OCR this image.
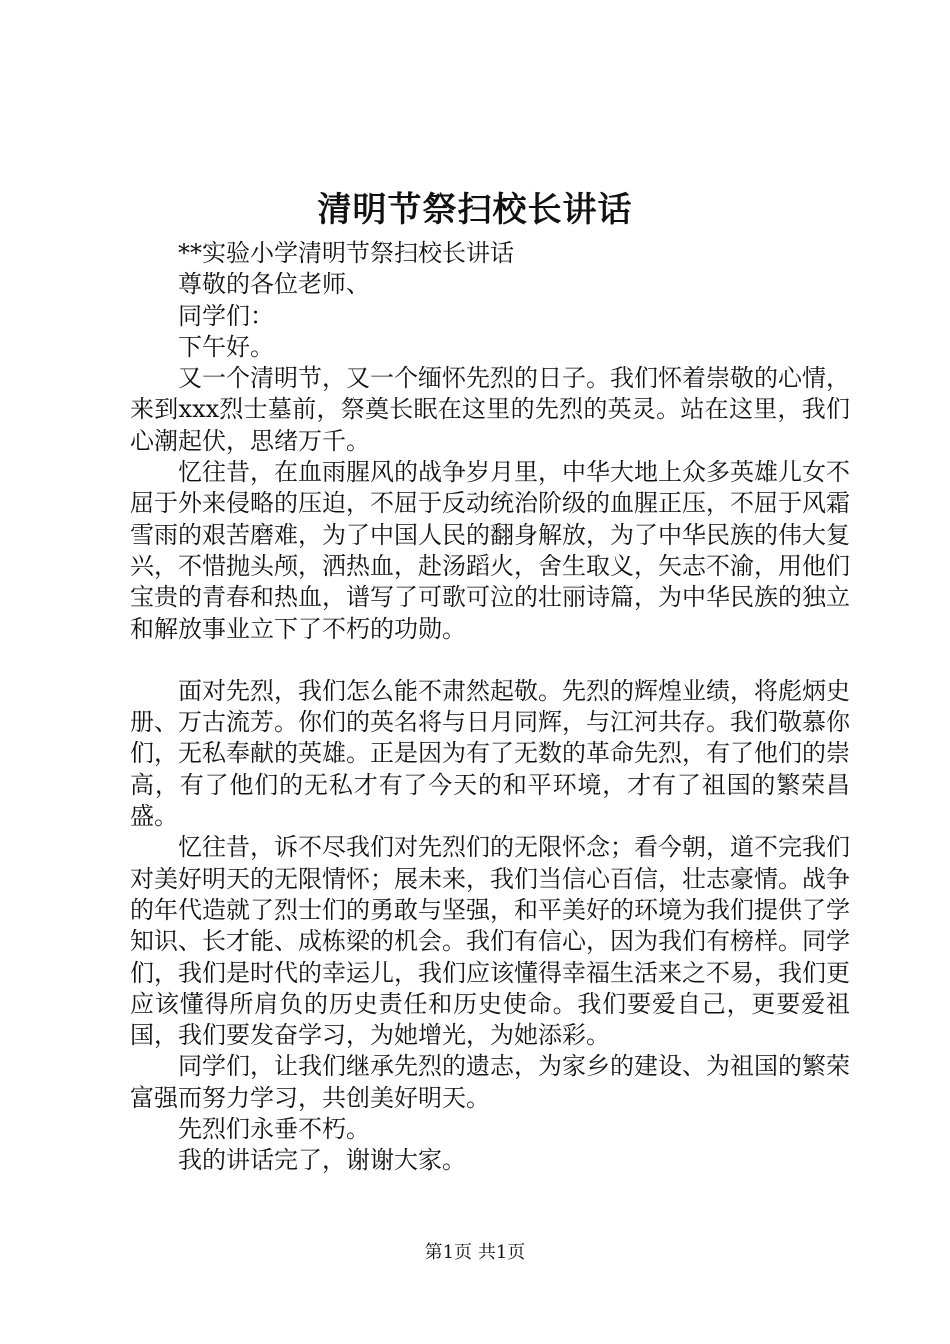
清明节祭扫校长讲话

**实验小学清明节祭扫校长讲话

尊敬的各位老师、

同学们：

下午好。

又一个清明节，又一个缅怀先烈的日子。我们怀着崇敬的心情，来到xxx烈士墓前，祭奠长眠在这里的先烈的英灵。站在这里，我们心潮起伏，思绪万千。

忆往昔，在血雨腥风的战争岁月里，中华大地上众多英雄儿女不屈于外来侵略的压迫，不屈于反动统治阶级的血腥正压，不屈于风霜雪雨的艰苦磨难，为了中国人民的翻身解放，为了中华民族的伟大复兴，不惜抛头颅，洒热血，赴汤蹈火，舍生取义，矢志不渝，用他们宝贵的青春和热血，谱写了可歌可泣的壮丽诗篇，为中华民族的独立和解放事业立下了不朽的功勋。

面对先烈，我们怎么能不肃然起敬。先烈的辉煌业绩，将彪炳史册、万古流芳。你们的英名将与日月同辉，与江河共存。我们敬慕你们，无私奉献的英雄。正是因为有了无数的革命先烈，有了他们的崇高，有了他们的无私才有了今天的和平环境，才有了祖国的繁荣昌盛。

忆往昔，诉不尽我们对先烈们的无限怀念；看今朝，道不完我们对美好明天的无限情怀；展未来，我们当信心百信，壮志豪情。战争的年代造就了烈士们的勇敢与坚强，和平美好的环境为我们提供了学知识、长才能、成栋梁的机会。我们有信心，因为我们有榜样。同学们，我们是时代的幸运儿，我们应该懂得幸福生活来之不易，我们更应该懂得所肩负的历史责任和历史使命。我们要爱自己，更要爱祖国，我们要发奋学习，为她增光，为她添彩。

同学们，让我们继承先烈的遗志，为家乡的建设、为祖国的繁荣富强而努力学习，共创美好明天。

先烈们永垂不朽。

我的讲话完了，谢谢大家。

第1页 共1页
